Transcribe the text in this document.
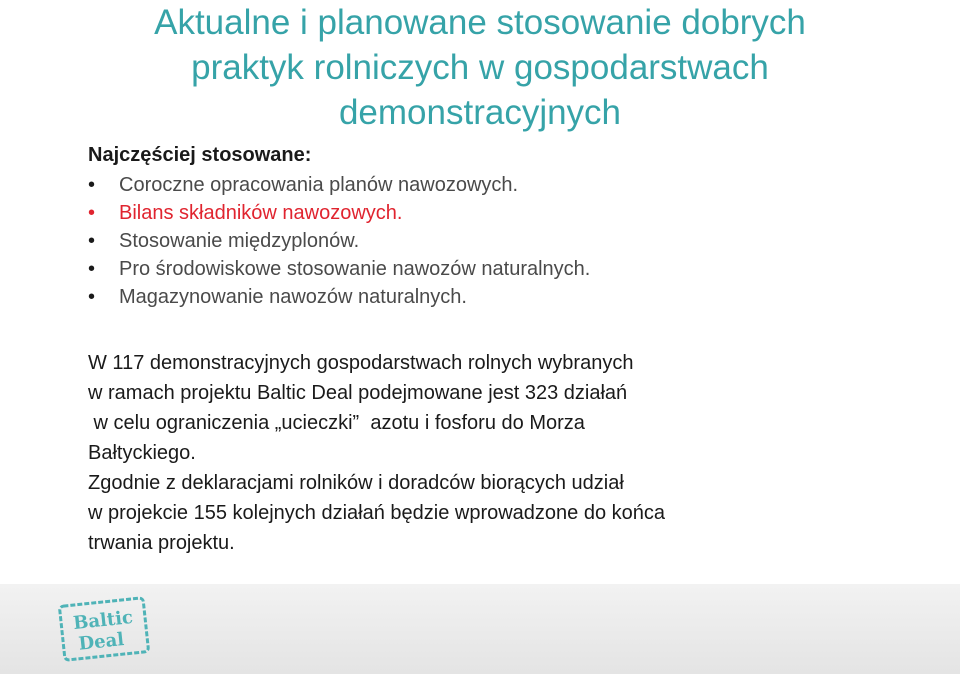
Aktualne i planowane stosowanie dobrych
praktyk rolniczych w gospodarstwach
demonstracyjnych
Najczęściej stosowane:
• Coroczne opracowania planów nawozowych.
• Bilans składników nawozowych.
• Stosowanie międzyplonów.
• Pro środowiskowe stosowanie nawozów naturalnych.
• Magazynowanie nawozów naturalnych.
W 117 demonstracyjnych gospodarstwach rolnych wybranych
w ramach projektu Baltic Deal podejmowane jest 323 działań
w celu ograniczenia „ucieczki”  azotu i fosforu do Morza
Bałtyckiego.
Zgodnie z deklaracjami rolników i doradców biorących udział
w projekcie 155 kolejnych działań będzie wprowadzone do końca
trwania projektu.
Baltic
Deal
